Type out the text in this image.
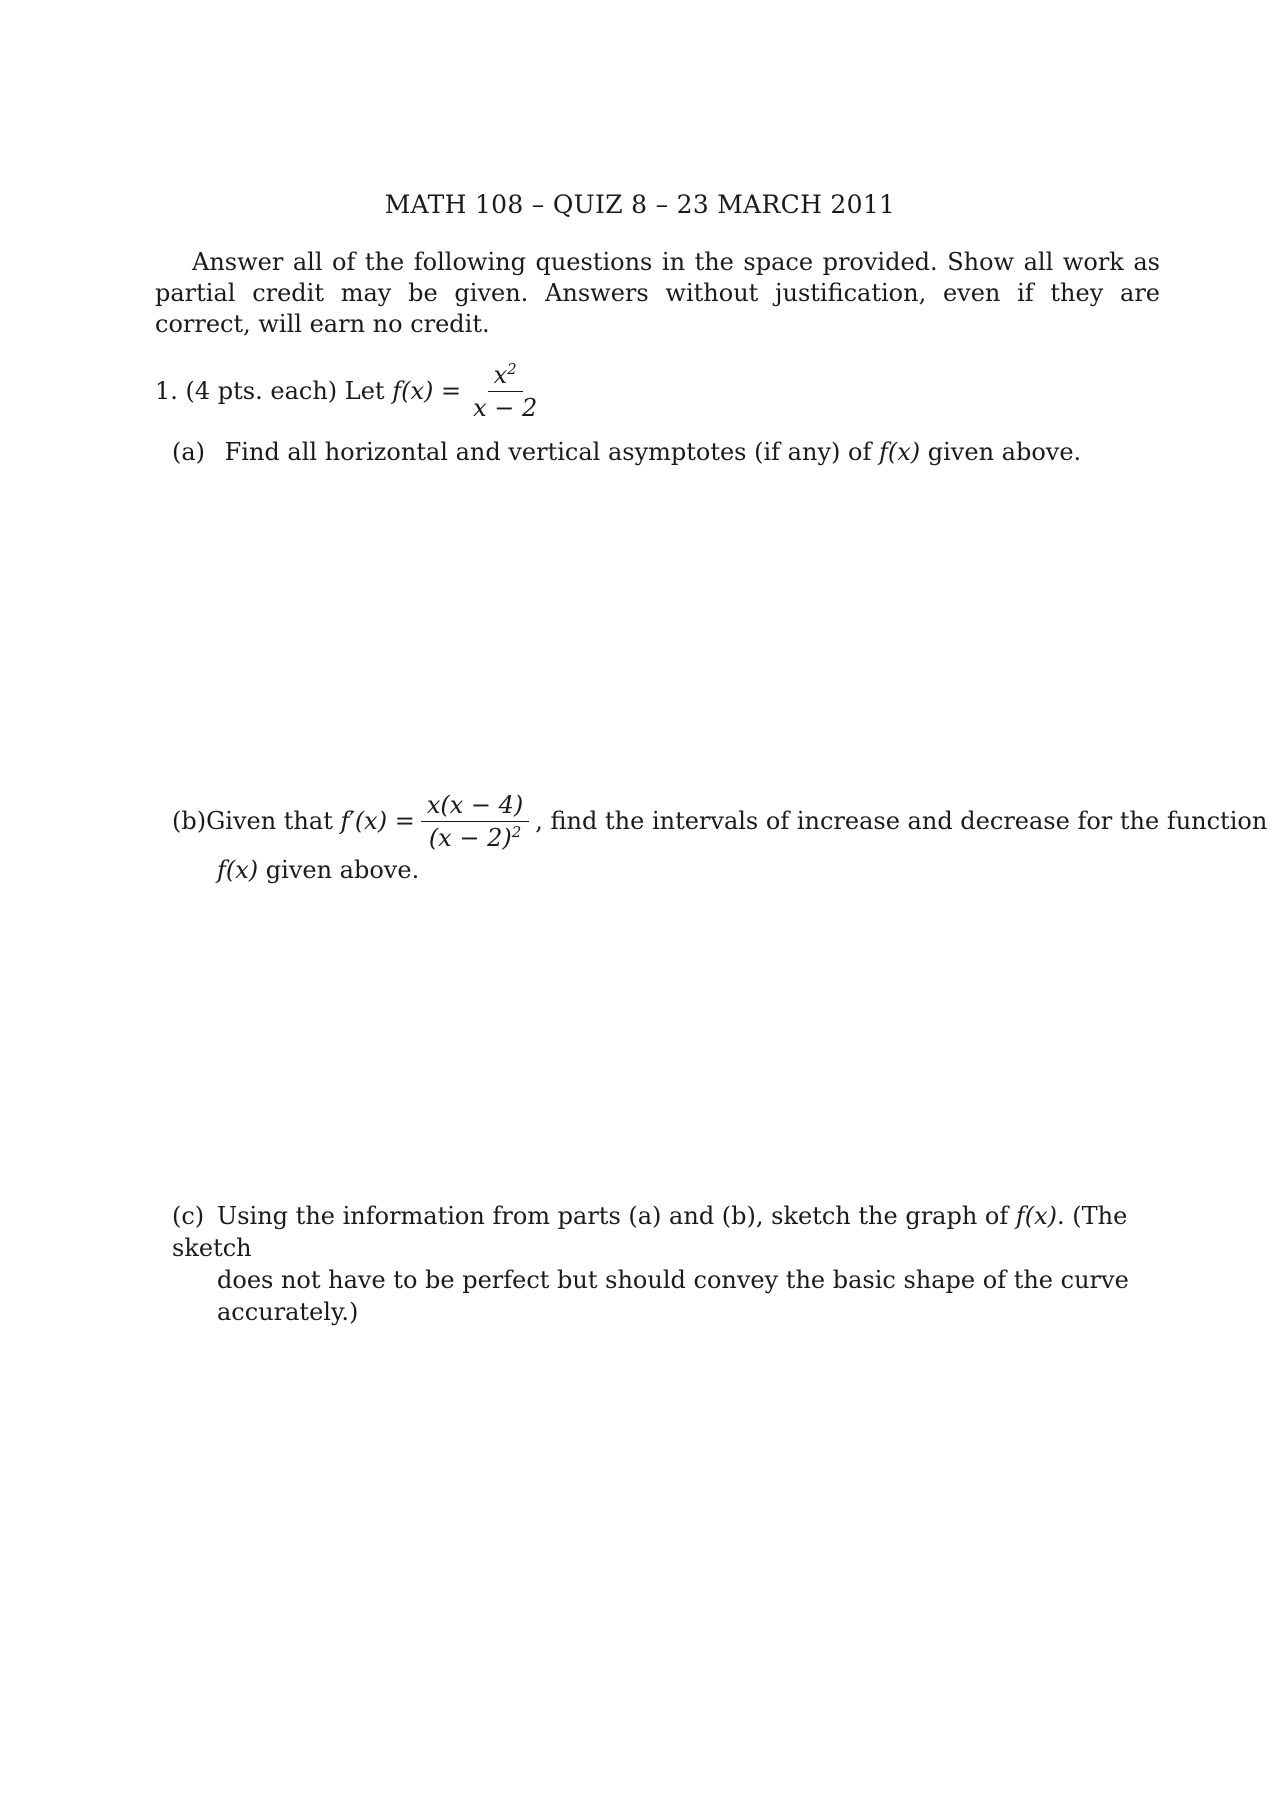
MATH 108 – QUIZ 8 – 23 MARCH 2011
Answer all of the following questions in the space provided. Show all work as partial credit may be given. Answers without justification, even if they are correct, will earn no credit.
1. (4 pts. each) Let
$f(x) = \frac{x^2}{x - 2}$
(a) Find all horizontal and vertical asymptotes (if any) of f(x) given above.
(b) Given that
$f'(x) = \frac{x(x - 4)}{(x - 2)^2}$ ,
find the intervals of increase and decrease for the function
f(x) given above.
(c) Using the information from parts (a) and (b), sketch the graph of f(x). (The sketch
does not have to be perfect but should convey the basic shape of the curve accurately.)
